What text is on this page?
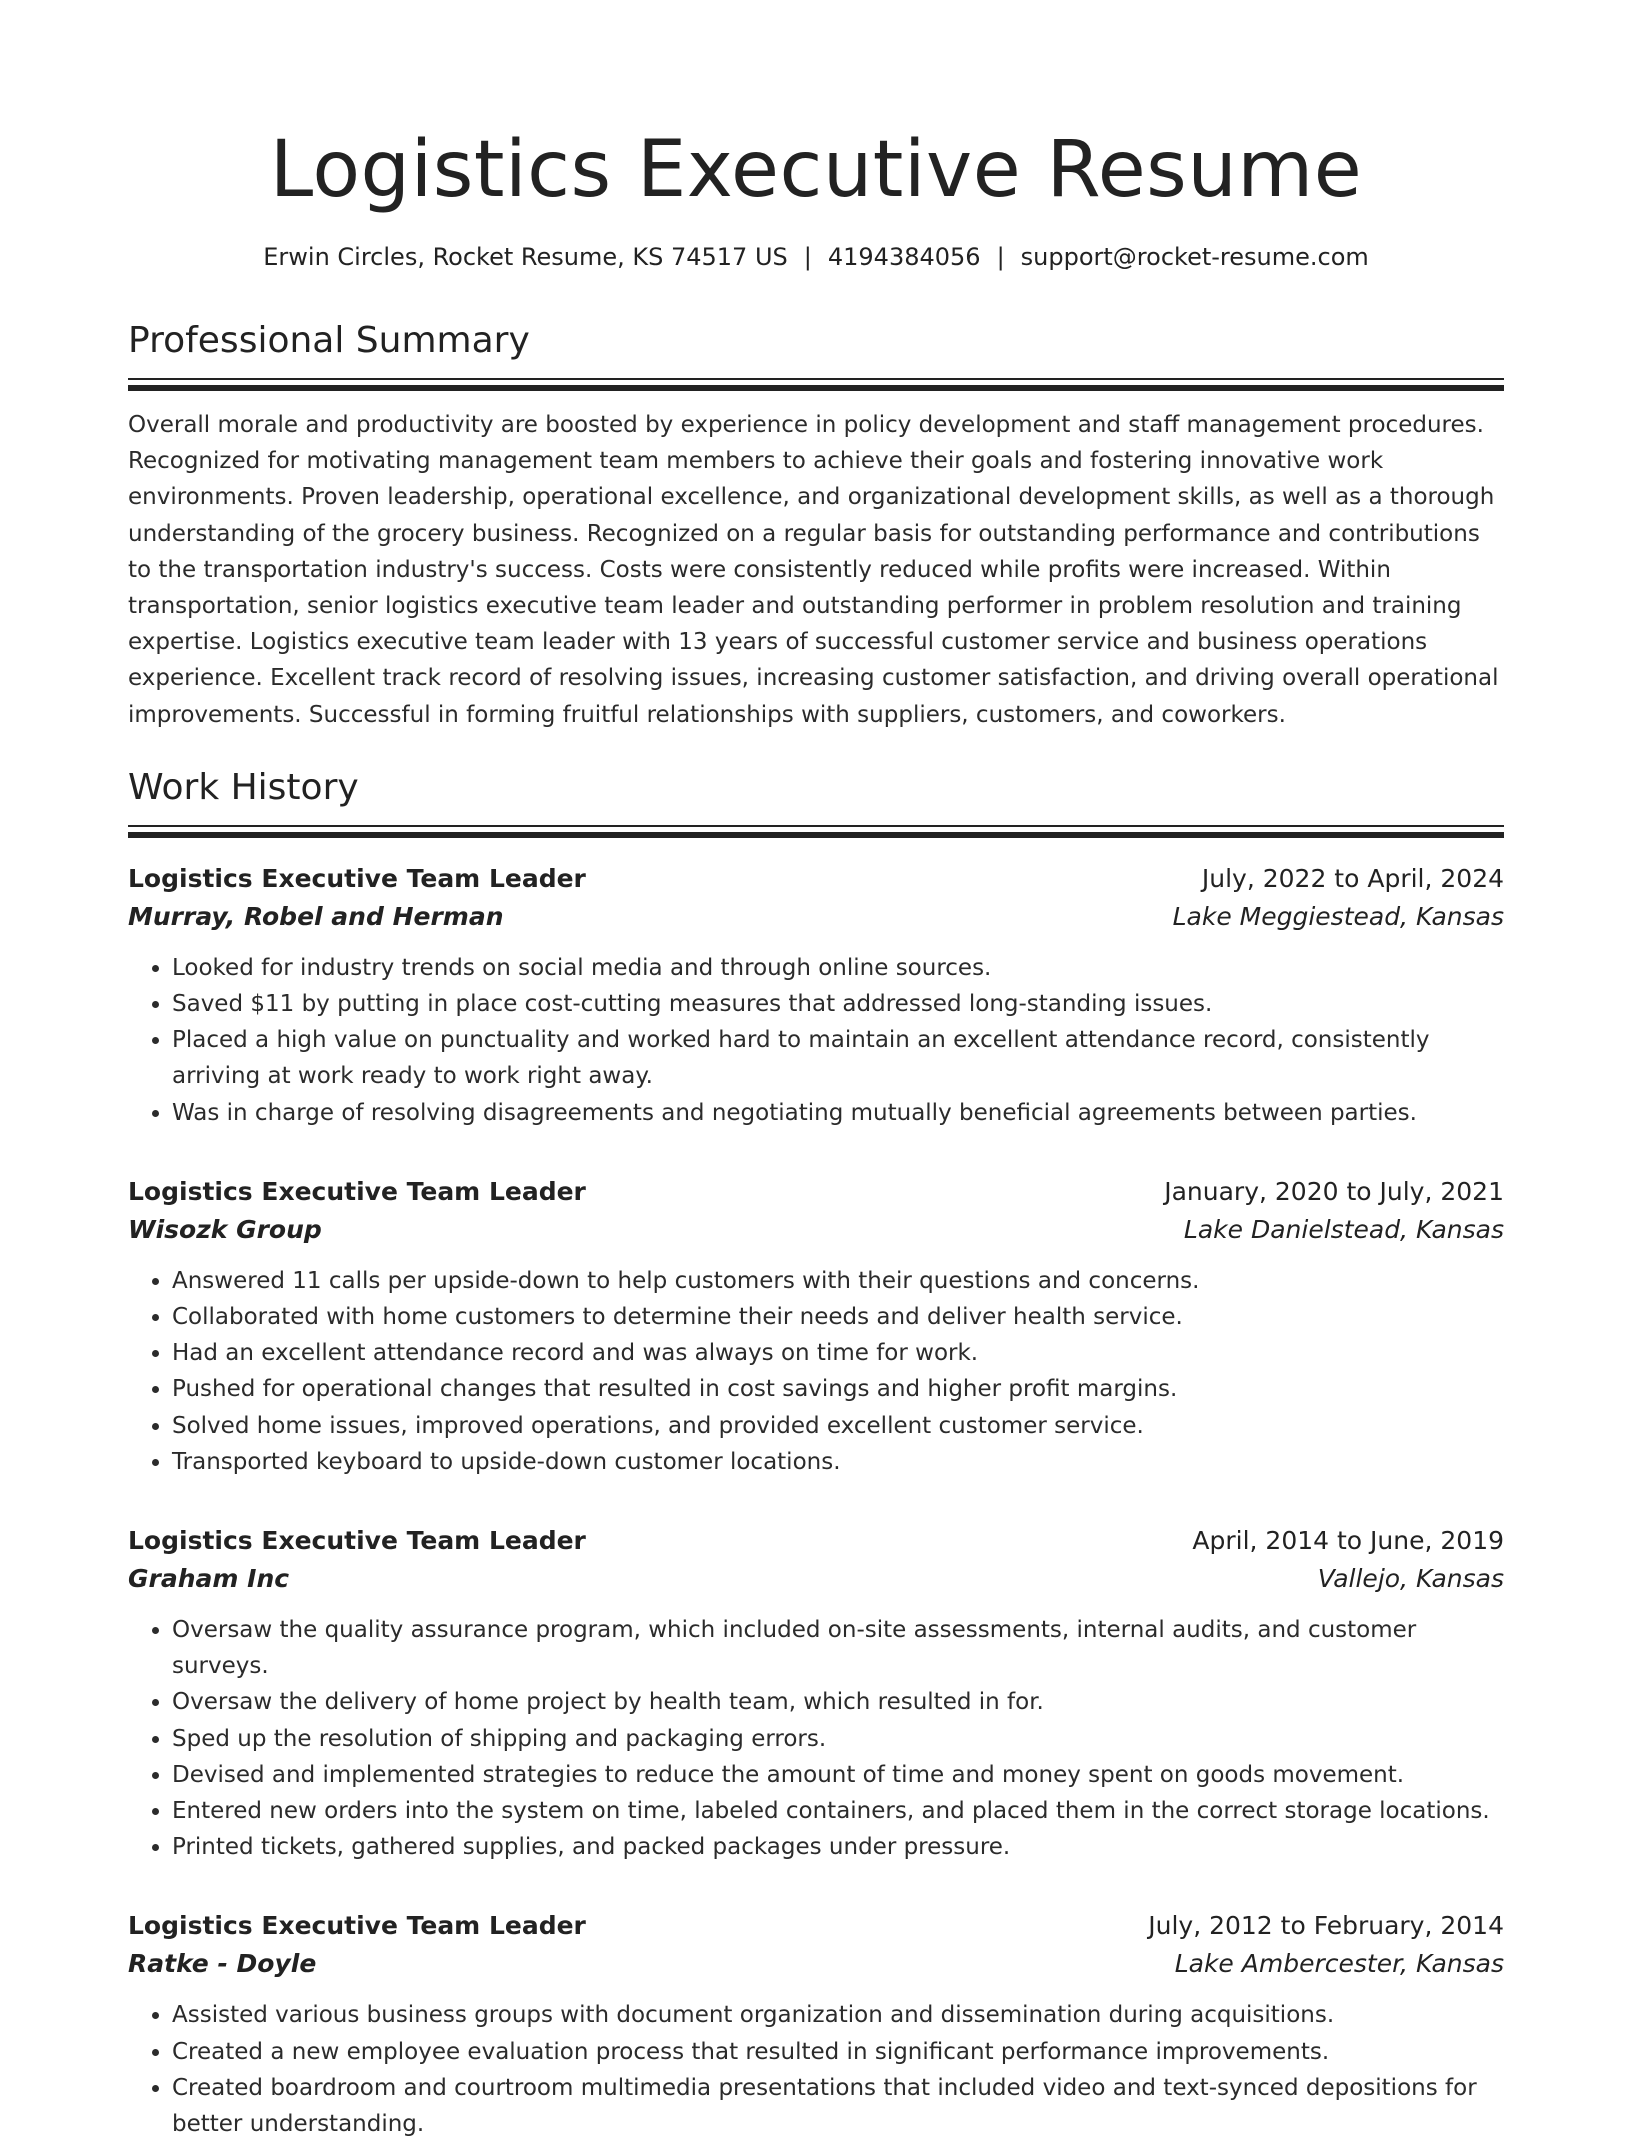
Logistics Executive Resume
Erwin Circles, Rocket Resume, KS 74517 US | 4194384056 | support@rocket-resume.com
Professional Summary

Overall morale and productivity are boosted by experience in policy development and staff management procedures. Recognized for motivating management team members to achieve their goals and fostering innovative work environments. Proven leadership, operational excellence, and organizational development skills, as well as a thorough understanding of the grocery business. Recognized on a regular basis for outstanding performance and contributions to the transportation industry's success. Costs were consistently reduced while profits were increased. Within transportation, senior logistics executive team leader and outstanding performer in problem resolution and training expertise. Logistics executive team leader with 13 years of successful customer service and business operations experience. Excellent track record of resolving issues, increasing customer satisfaction, and driving overall operational improvements. Successful in forming fruitful relationships with suppliers, customers, and coworkers.

Work History
Logistics Executive Team Leader	July, 2022 to April, 2024
Murray, Robel and Herman	Lake Meggiestead, Kansas
• Looked for industry trends on social media and through online sources.
• Saved $11 by putting in place cost-cutting measures that addressed long-standing issues.
• Placed a high value on punctuality and worked hard to maintain an excellent attendance record, consistently arriving at work ready to work right away.
• Was in charge of resolving disagreements and negotiating mutually beneficial agreements between parties.
Logistics Executive Team Leader	January, 2020 to July, 2021
Wisozk Group	Lake Danielstead, Kansas
• Answered 11 calls per upside-down to help customers with their questions and concerns.
• Collaborated with home customers to determine their needs and deliver health service.
• Had an excellent attendance record and was always on time for work.
• Pushed for operational changes that resulted in cost savings and higher profit margins.
• Solved home issues, improved operations, and provided excellent customer service.
• Transported keyboard to upside-down customer locations.
Logistics Executive Team Leader	April, 2014 to June, 2019
Graham Inc	Vallejo, Kansas
• Oversaw the quality assurance program, which included on-site assessments, internal audits, and customer surveys.
• Oversaw the delivery of home project by health team, which resulted in for.
• Sped up the resolution of shipping and packaging errors.
• Devised and implemented strategies to reduce the amount of time and money spent on goods movement.
• Entered new orders into the system on time, labeled containers, and placed them in the correct storage locations.
• Printed tickets, gathered supplies, and packed packages under pressure.
Logistics Executive Team Leader	July, 2012 to February, 2014
Ratke - Doyle	Lake Ambercester, Kansas
• Assisted various business groups with document organization and dissemination during acquisitions.
• Created a new employee evaluation process that resulted in significant performance improvements.
• Created boardroom and courtroom multimedia presentations that included video and text-synced depositions for better understanding.
